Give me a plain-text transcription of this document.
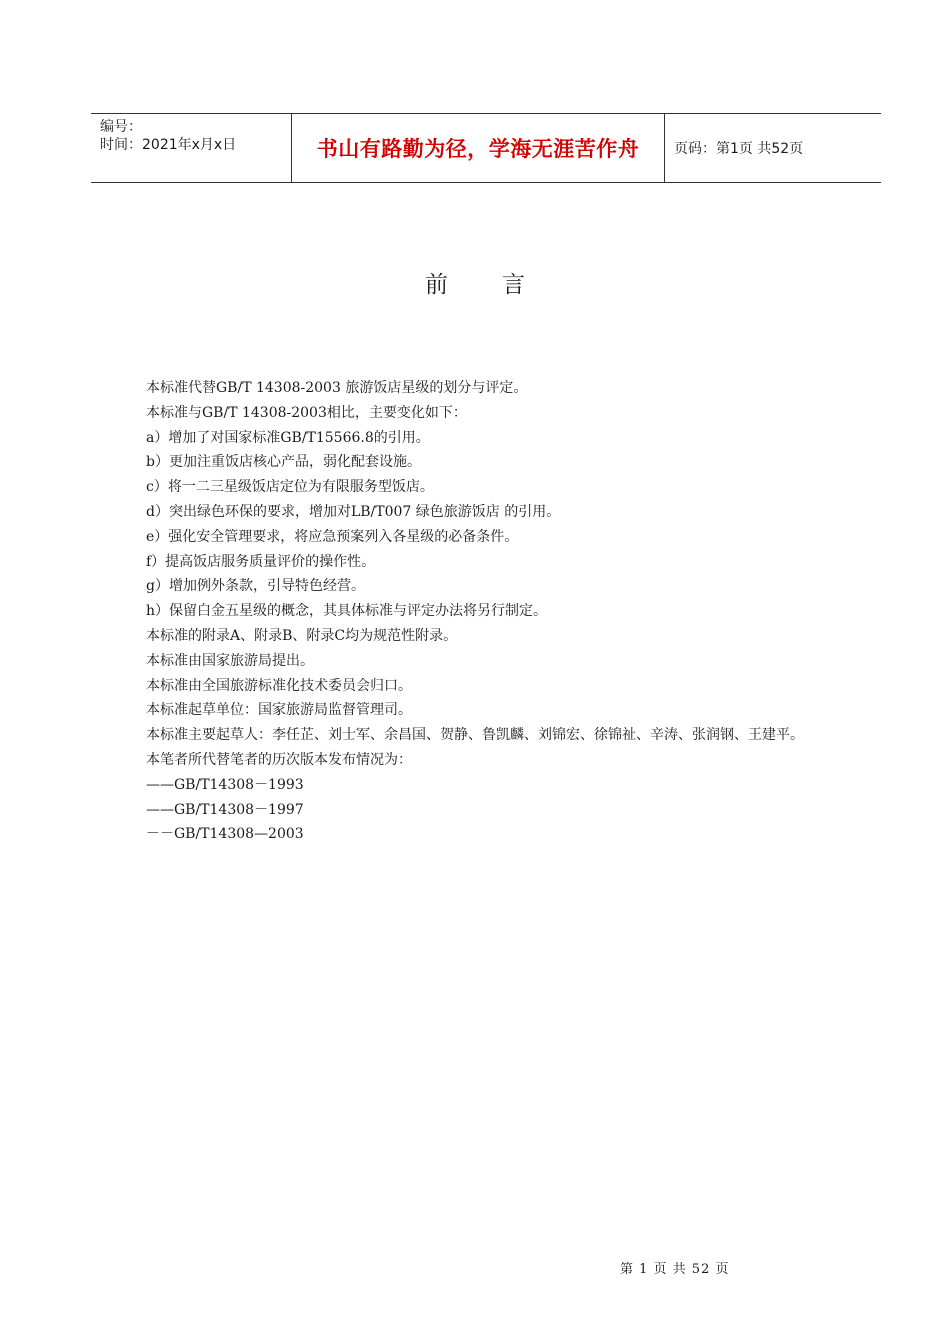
编号：
时间：2021年x月x日	书山有路勤为径，学海无涯苦作舟	页码：第1页 共52页
前言

本标准代替GB/T 14308-2003 旅游饭店星级的划分与评定。

本标准与GB/T 14308-2003相比，主要变化如下：

a）增加了对国家标准GB/T15566.8的引用。

b）更加注重饭店核心产品，弱化配套设施。

c）将一二三星级饭店定位为有限服务型饭店。

d）突出绿色环保的要求，增加对LB/T007 绿色旅游饭店 的引用。

e）强化安全管理要求，将应急预案列入各星级的必备条件。

f）提高饭店服务质量评价的操作性。

g）增加例外条款，引导特色经营。

h）保留白金五星级的概念，其具体标准与评定办法将另行制定。

本标准的附录A、附录B、附录C均为规范性附录。

本标准由国家旅游局提出。

本标准由全国旅游标准化技术委员会归口。

本标准起草单位：国家旅游局监督管理司。

本标准主要起草人：李任芷、刘士军、余昌国、贺静、鲁凯麟、刘锦宏、徐锦祉、辛涛、张润钢、王建平。

本笔者所代替笔者的历次版本发布情况为：

——GB/T14308－1993

——GB/T14308－1997

－－GB/T14308—2003

第 1 页 共 52 页
